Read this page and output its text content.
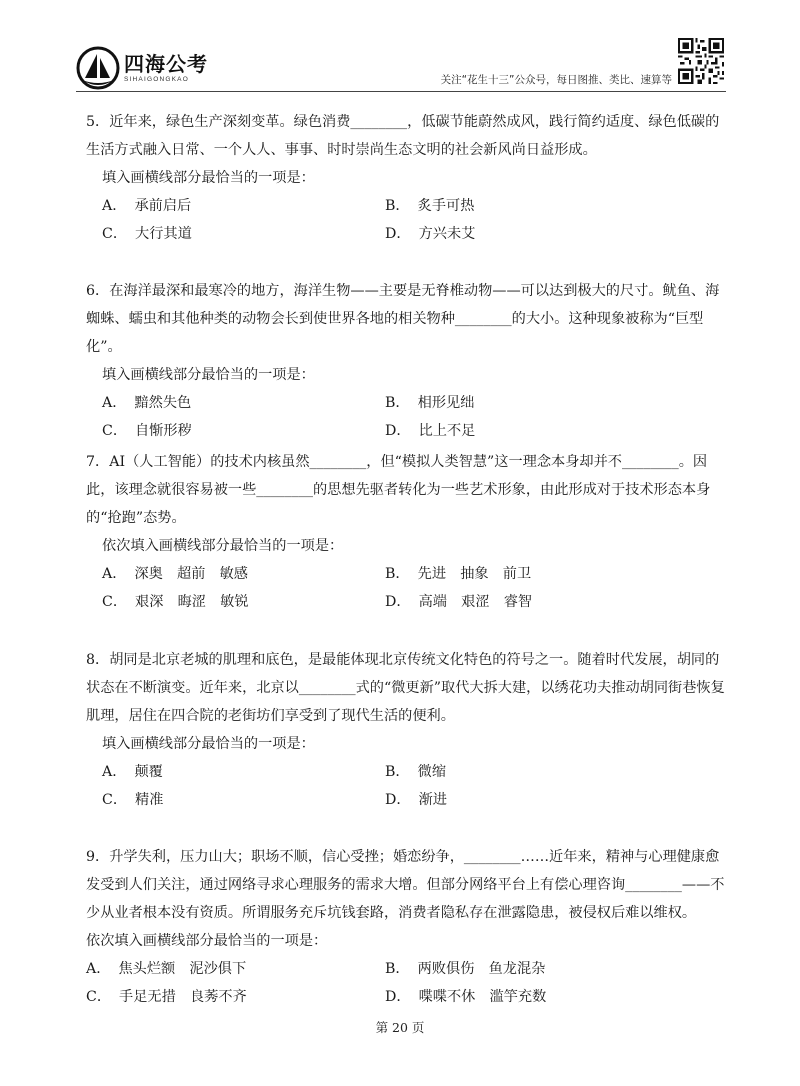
四海公考
SIHAIGONGKAO	关注“花生十三”公众号，每日图推、类比、速算等

5．近年来，绿色生产深刻变革。绿色消费________，低碳节能蔚然成风，践行简约适度、绿色低碳的生活方式融入日常、一个人人、事事、时时崇尚生态文明的社会新风尚日益形成。

填入画横线部分最恰当的一项是：

A． 承前启后	B． 炙手可热
C． 大行其道	D． 方兴未艾

6．在海洋最深和最寒冷的地方，海洋生物——主要是无脊椎动物——可以达到极大的尺寸。鱿鱼、海蜘蛛、蠕虫和其他种类的动物会长到使世界各地的相关物种________的大小。这种现象被称为“巨型化”。

填入画横线部分最恰当的一项是：

A． 黯然失色	B． 相形见绌
C． 自惭形秽	D． 比上不足

7．AI（人工智能）的技术内核虽然________，但“模拟人类智慧”这一理念本身却并不________。因此，该理念就很容易被一些________的思想先驱者转化为一些艺术形象，由此形成对于技术形态本身的“抢跑”态势。

依次填入画横线部分最恰当的一项是：

A． 深奥　超前　敏感	B． 先进　抽象　前卫
C． 艰深　晦涩　敏锐	D． 高端　艰涩　睿智

8．胡同是北京老城的肌理和底色，是最能体现北京传统文化特色的符号之一。随着时代发展，胡同的状态在不断演变。近年来，北京以________式的“微更新”取代大拆大建，以绣花功夫推动胡同街巷恢复肌理，居住在四合院的老街坊们享受到了现代生活的便利。

填入画横线部分最恰当的一项是：

A． 颠覆	B． 微缩
C． 精准	D． 渐进

9．升学失利，压力山大；职场不顺，信心受挫；婚恋纷争，________……近年来，精神与心理健康愈发受到人们关注，通过网络寻求心理服务的需求大增。但部分网络平台上有偿心理咨询________——不少从业者根本没有资质。所谓服务充斥坑钱套路，消费者隐私存在泄露隐患，被侵权后难以维权。

依次填入画横线部分最恰当的一项是：

A． 焦头烂额　泥沙俱下	B． 两败俱伤　鱼龙混杂
C． 手足无措　良莠不齐	D． 喋喋不休　滥竽充数
第 20 页
